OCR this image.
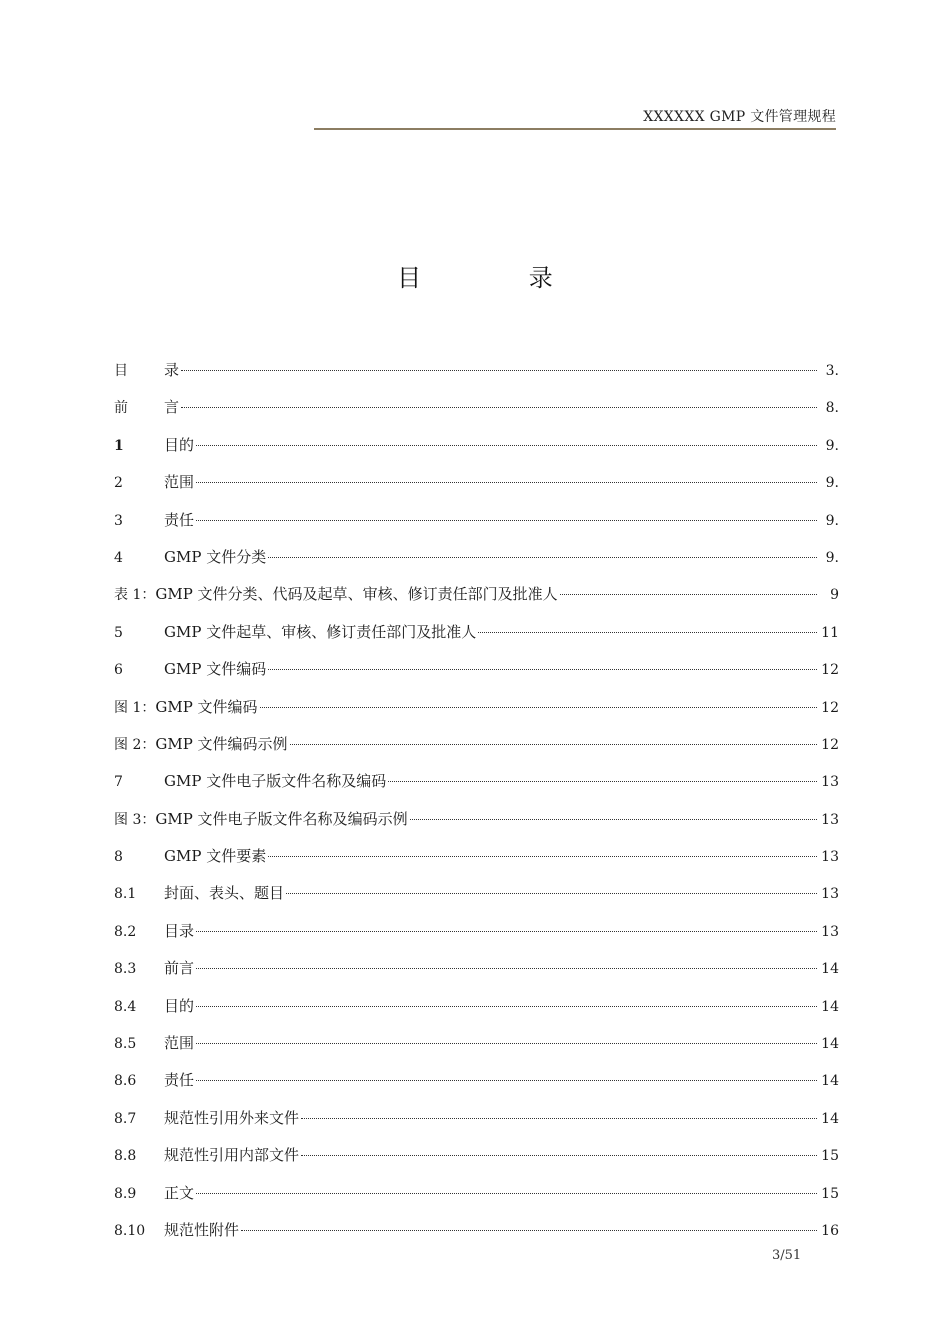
XXXXXX GMP 文件管理规程
目 录
目	录	3.
前	言	8.
1	目的	9.
2	范围	9.
3	责任	9.
4	GMP 文件分类	9.
表 1： GMP 文件分类、代码及起草、审核、修订责任部门及批准人	9
5	GMP 文件起草、审核、修订责任部门及批准人	11
6	GMP 文件编码	12
图 1： GMP 文件编码	12
图 2： GMP 文件编码示例	12
7	GMP 文件电子版文件名称及编码	13
图 3： GMP 文件电子版文件名称及编码示例	13
8	GMP 文件要素	13
8.1	封面、表头、题目	13
8.2	目录	13
8.3	前言	14
8.4	目的	14
8.5	范围	14
8.6	责任	14
8.7	规范性引用外来文件	14
8.8	规范性引用内部文件	15
8.9	正文	15
8.10	规范性附件	16
3/51
